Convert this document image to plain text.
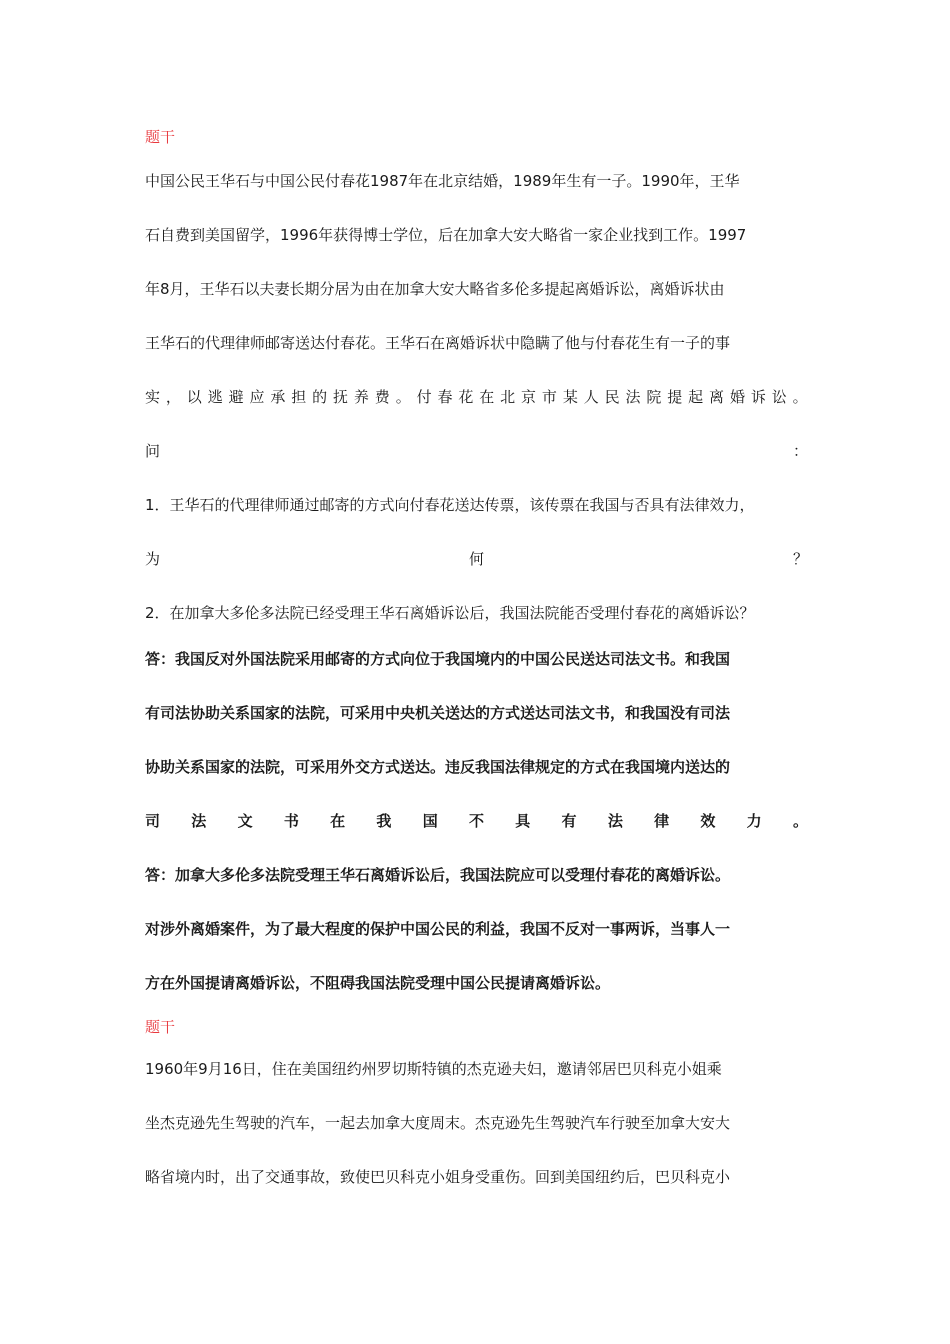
题干

中国公民王华石与中国公民付春花1987年在北京结婚，1989年生有一子。1990年，王华

石自费到美国留学，1996年获得博士学位，后在加拿大安大略省一家企业找到工作。1997

年8月，王华石以夫妻长期分居为由在加拿大安大略省多伦多提起离婚诉讼，离婚诉状由

王华石的代理律师邮寄送达付春花。王华石在离婚诉状中隐瞒了他与付春花生有一子的事

实 ， 以 逃 避 应 承 担 的 抚 养 费 。 付 春 花 在 北 京 市 某 人 民 法 院 提 起 离 婚 诉 讼 。

问	：

1．王华石的代理律师通过邮寄的方式向付春花送达传票，该传票在我国与否具有法律效力，

为	何	？

2．在加拿大多伦多法院已经受理王华石离婚诉讼后，我国法院能否受理付春花的离婚诉讼？

答：我国反对外国法院采用邮寄的方式向位于我国境内的中国公民送达司法文书。和我国

有司法协助关系国家的法院，可采用中央机关送达的方式送达司法文书，和我国没有司法

协助关系国家的法院，可采用外交方式送达。违反我国法律规定的方式在我国境内送达的

司 法 文 书 在 我 国 不 具 有 法 律 效 力 。

答：加拿大多伦多法院受理王华石离婚诉讼后，我国法院应可以受理付春花的离婚诉讼。

对涉外离婚案件，为了最大程度的保护中国公民的利益，我国不反对一事两诉，当事人一

方在外国提请离婚诉讼，不阻碍我国法院受理中国公民提请离婚诉讼。

题干

1960年9月16日，住在美国纽约州罗切斯特镇的杰克逊夫妇，邀请邻居巴贝科克小姐乘

坐杰克逊先生驾驶的汽车，一起去加拿大度周末。杰克逊先生驾驶汽车行驶至加拿大安大

略省境内时，出了交通事故，致使巴贝科克小姐身受重伤。回到美国纽约后，巴贝科克小
